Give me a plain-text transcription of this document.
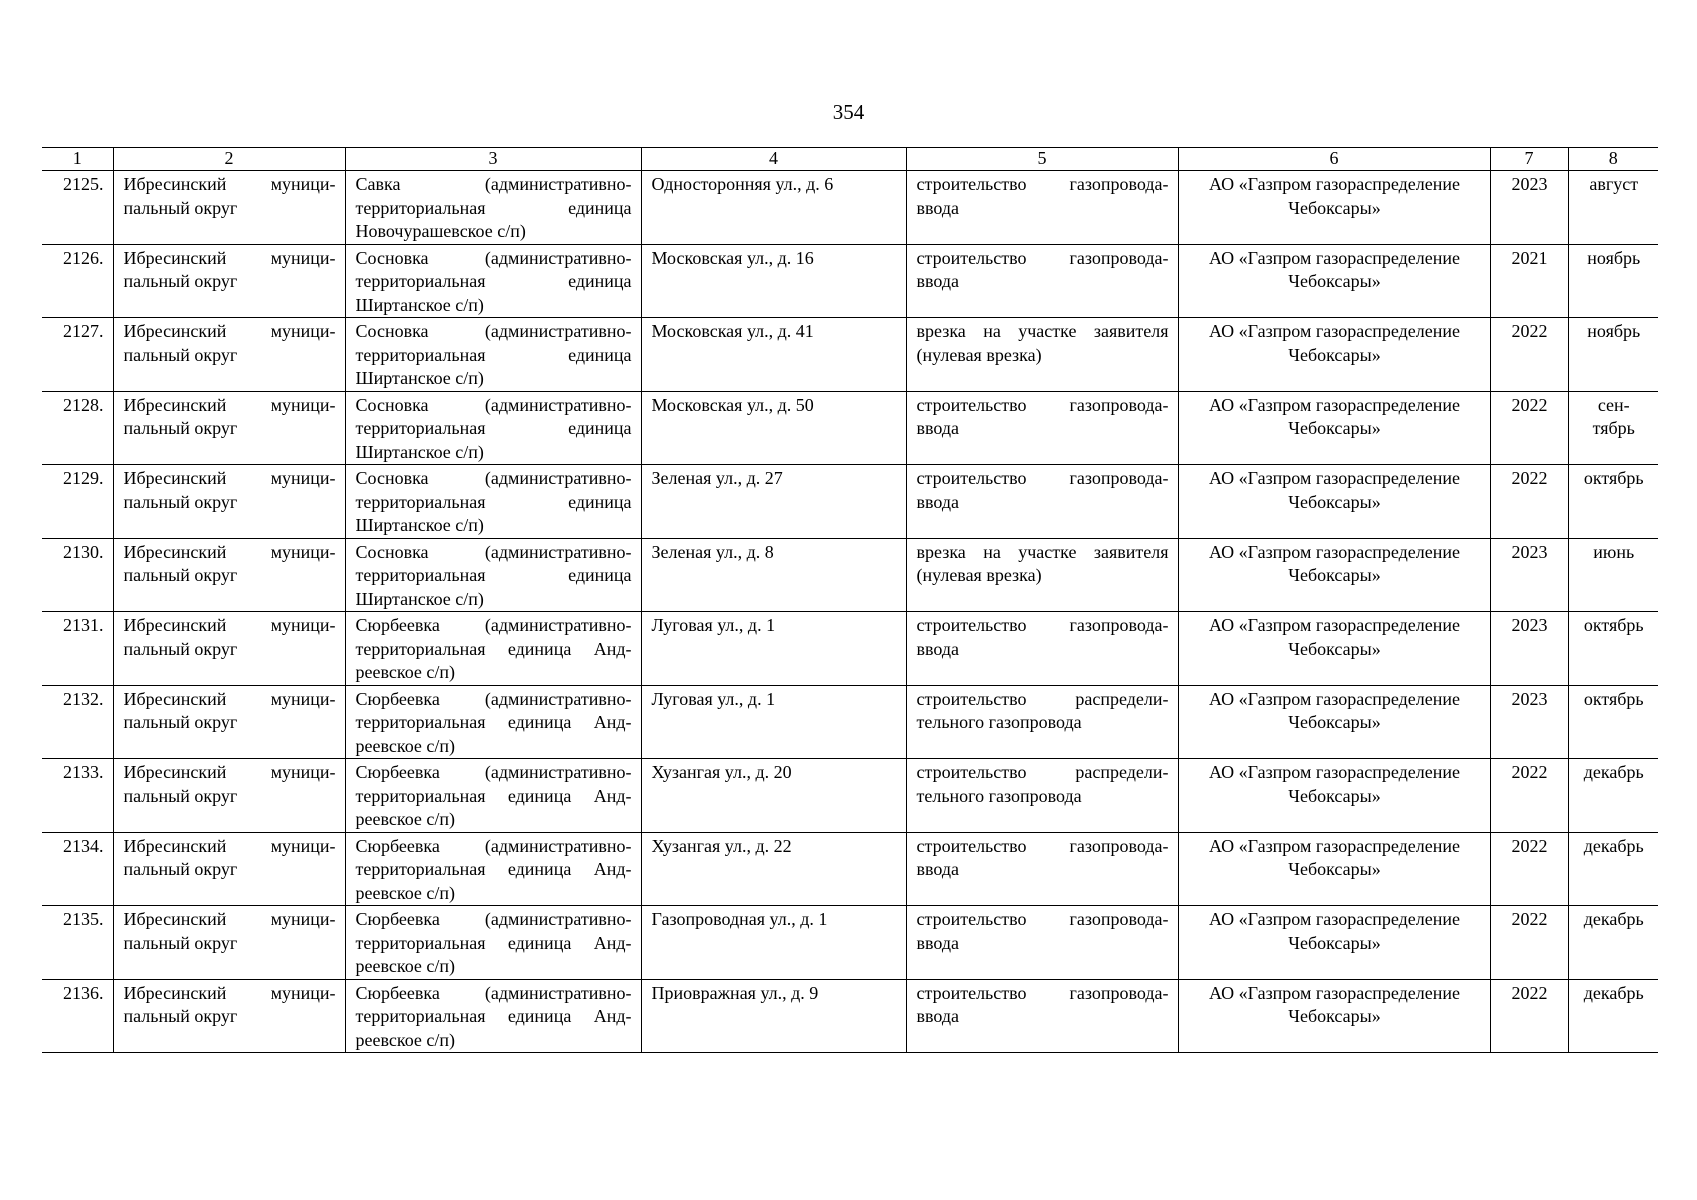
354
1	2	3	4	5	6	7	8
2125.	Ибресинский муници-пальный округ	Савка (административно-территориальная единица Новочурашевское с/п)	Односторонняя ул., д. 6	строительство газопровода-ввода	АО «Газпром газораспределение Чебоксары»	2023	август
2126.	Ибресинский муници-пальный округ	Сосновка (административно-территориальная единица Ширтанское с/п)	Московская ул., д. 16	строительство газопровода-ввода	АО «Газпром газораспределение Чебоксары»	2021	ноябрь
2127.	Ибресинский муници-пальный округ	Сосновка (административно-территориальная единица Ширтанское с/п)	Московская ул., д. 41	врезка на участке заявителя (нулевая врезка)	АО «Газпром газораспределение Чебоксары»	2022	ноябрь
2128.	Ибресинский муници-пальный округ	Сосновка (административно-территориальная единица Ширтанское с/п)	Московская ул., д. 50	строительство газопровода-ввода	АО «Газпром газораспределение Чебоксары»	2022	сен-тябрь
2129.	Ибресинский муници-пальный округ	Сосновка (административно-территориальная единица Ширтанское с/п)	Зеленая ул., д. 27	строительство газопровода-ввода	АО «Газпром газораспределение Чебоксары»	2022	октябрь
2130.	Ибресинский муници-пальный округ	Сосновка (административно-территориальная единица Ширтанское с/п)	Зеленая ул., д. 8	врезка на участке заявителя (нулевая врезка)	АО «Газпром газораспределение Чебоксары»	2023	июнь
2131.	Ибресинский муници-пальный округ	Сюрбеевка (административно-территориальная единица Анд-реевское с/п)	Луговая ул., д. 1	строительство газопровода-ввода	АО «Газпром газораспределение Чебоксары»	2023	октябрь
2132.	Ибресинский муници-пальный округ	Сюрбеевка (административно-территориальная единица Анд-реевское с/п)	Луговая ул., д. 1	строительство распредели-тельного газопровода	АО «Газпром газораспределение Чебоксары»	2023	октябрь
2133.	Ибресинский муници-пальный округ	Сюрбеевка (административно-территориальная единица Анд-реевское с/п)	Хузангая ул., д. 20	строительство распредели-тельного газопровода	АО «Газпром газораспределение Чебоксары»	2022	декабрь
2134.	Ибресинский муници-пальный округ	Сюрбеевка (административно-территориальная единица Анд-реевское с/п)	Хузангая ул., д. 22	строительство газопровода-ввода	АО «Газпром газораспределение Чебоксары»	2022	декабрь
2135.	Ибресинский муници-пальный округ	Сюрбеевка (административно-территориальная единица Анд-реевское с/п)	Газопроводная ул., д. 1	строительство газопровода-ввода	АО «Газпром газораспределение Чебоксары»	2022	декабрь
2136.	Ибресинский муници-пальный округ	Сюрбеевка (административно-территориальная единица Анд-реевское с/п)	Приовражная ул., д. 9	строительство газопровода-ввода	АО «Газпром газораспределение Чебоксары»	2022	декабрь
